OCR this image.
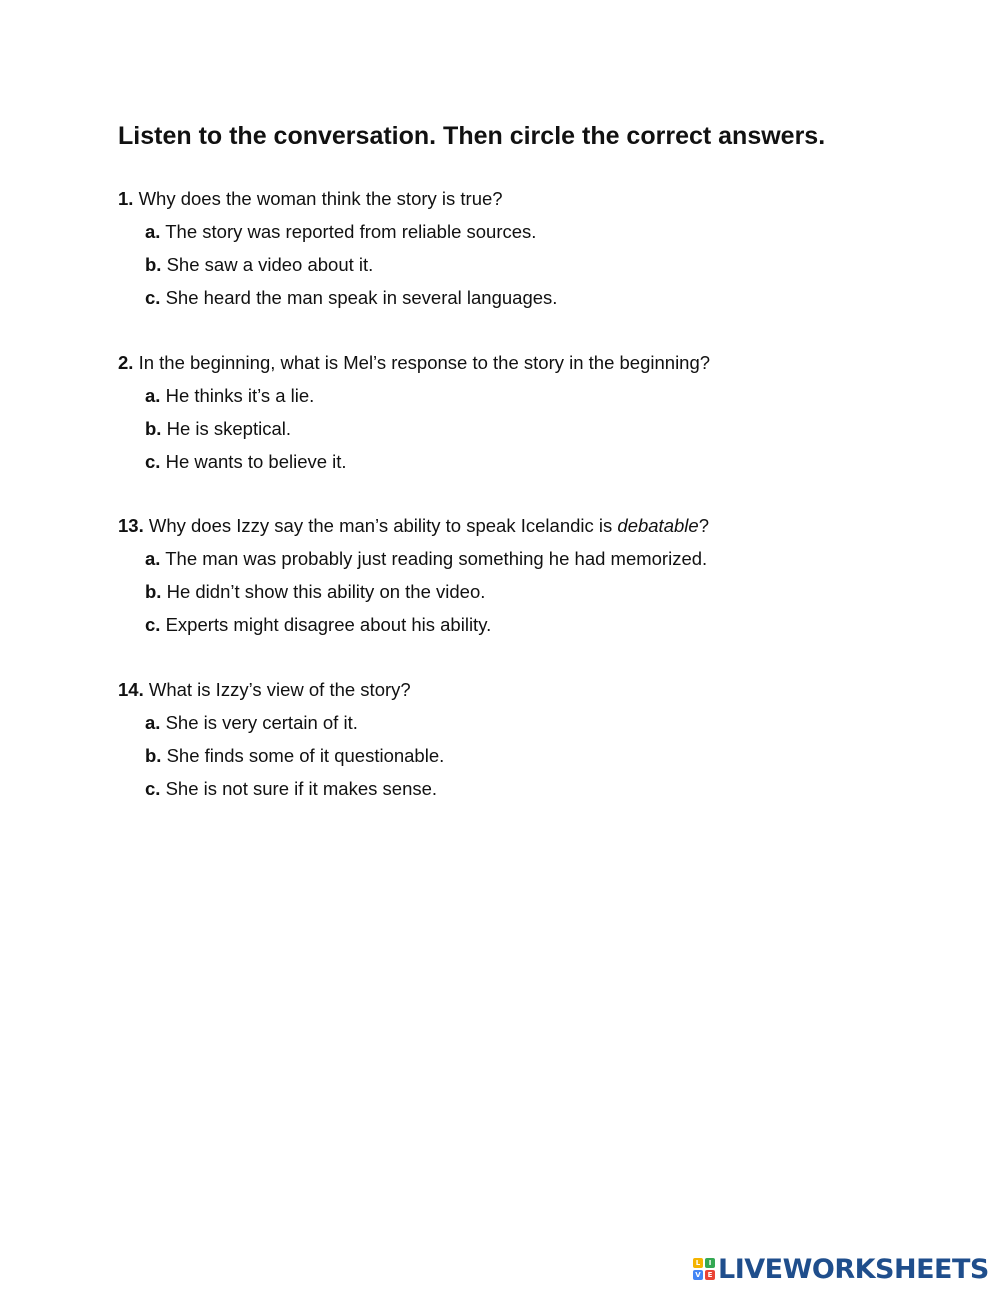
Listen to the conversation. Then circle the correct answers.

1. Why does the woman think the story is true?

a. The story was reported from reliable sources.

b. She saw a video about it.

c. She heard the man speak in several languages.

2. In the beginning, what is Mel’s response to the story in the beginning?

a. He thinks it’s a lie.

b. He is skeptical.

c. He wants to believe it.

13. Why does Izzy say the man’s ability to speak Icelandic is debatable?

a. The man was probably just reading something he had memorized.

b. He didn’t show this ability on the video.

c. Experts might disagree about his ability.

14. What is Izzy’s view of the story?

a. She is very certain of it.

b. She finds some of it questionable.

c. She is not sure if it makes sense.

L	I
V E LIVEWORKSHEETS
